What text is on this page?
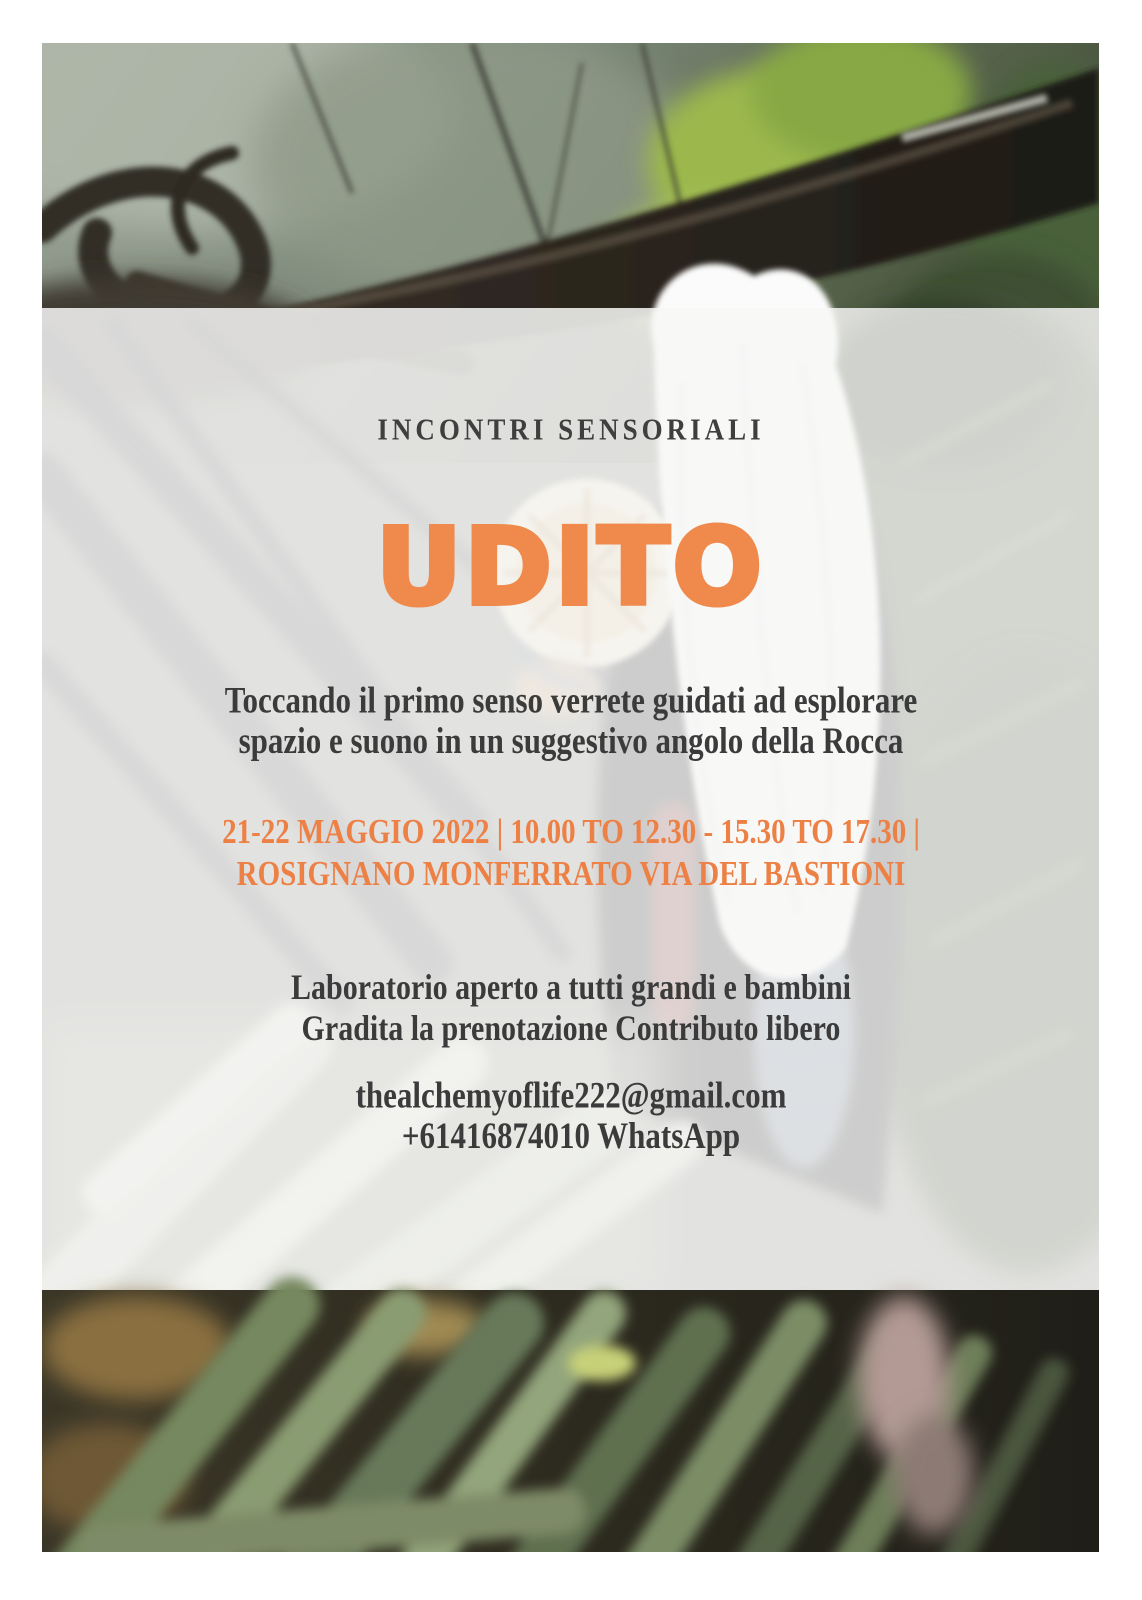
INCONTRI SENSORIALI
UDITO
Toccando il primo senso verrete guidati ad esplorare
spazio e suono in un suggestivo angolo della Rocca
21-22 MAGGIO 2022 | 10.00 TO 12.30 - 15.30 TO 17.30 |
ROSIGNANO MONFERRATO VIA DEL BASTIONI
Laboratorio aperto a tutti grandi e bambini
Gradita la prenotazione Contributo libero
thealchemyoflife222@gmail.com
+61416874010 WhatsApp
